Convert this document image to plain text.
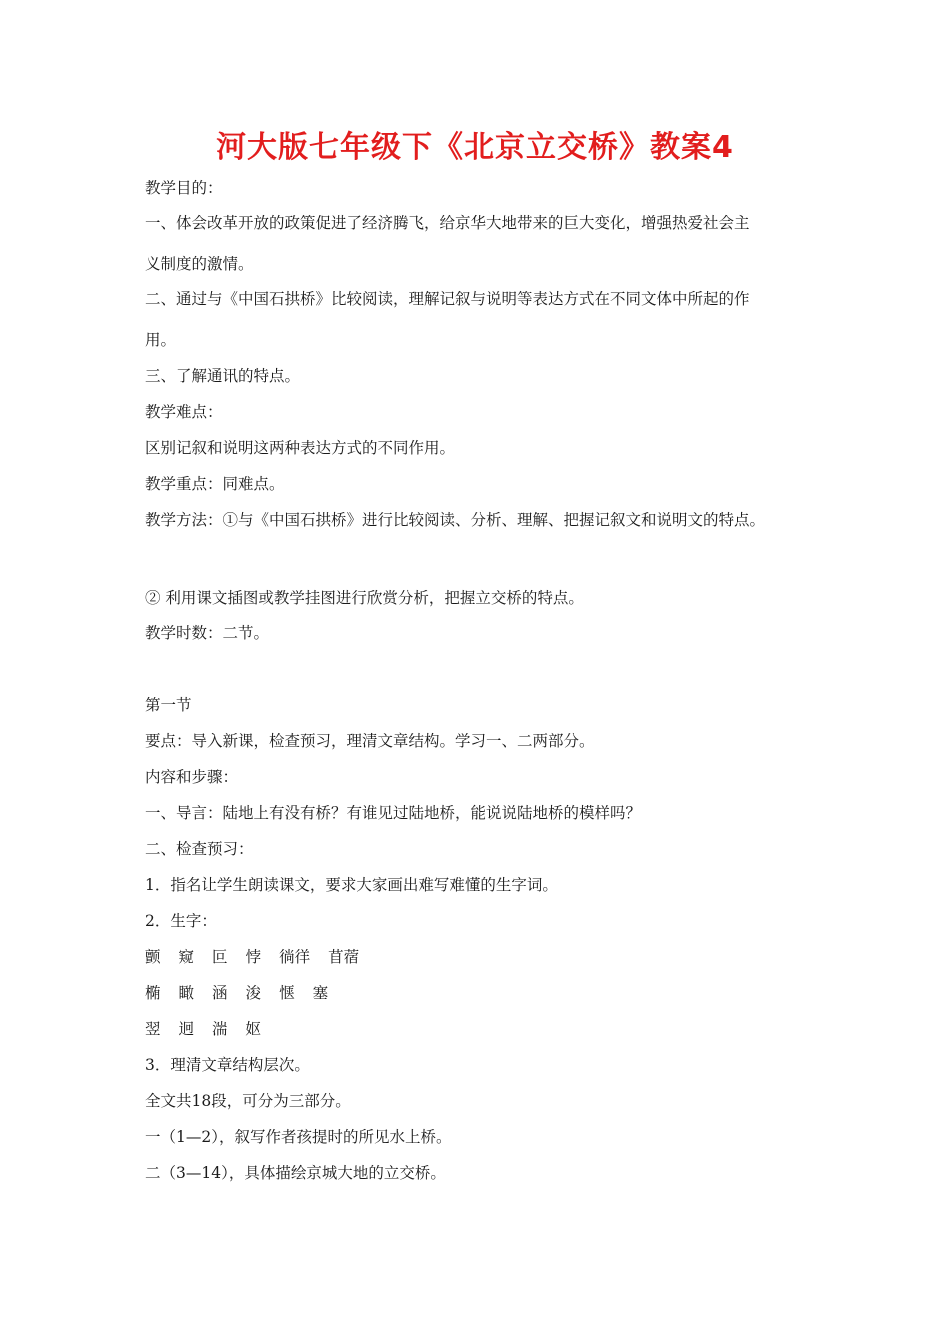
河大版七年级下《北京立交桥》教案4
教学目的：
一、体会改革开放的政策促进了经济腾飞，给京华大地带来的巨大变化，增强热爱社会主
义制度的激情。
二、通过与《中国石拱桥》比较阅读，理解记叙与说明等表达方式在不同文体中所起的作
用。
三、了解通讯的特点。
教学难点：
区别记叙和说明这两种表达方式的不同作用。
教学重点：同难点。
教学方法：①与《中国石拱桥》进行比较阅读、分析、理解、把握记叙文和说明文的特点。
② 利用课文插图或教学挂图进行欣赏分析，把握立交桥的特点。
教学时数：二节。
第一节
要点：导入新课，检查预习，理清文章结构。学习一、二两部分。
内容和步骤：
一、导言：陆地上有没有桥？有谁见过陆地桥，能说说陆地桥的模样吗？
二、检查预习：
1．指名让学生朗读课文，要求大家画出难写难懂的生字词。
2．生字：
颤 窥 叵 悖 徜徉 苜蓿
椭 瞰 涵 浚 惬 塞
翌 迥 湍 妪
3．理清文章结构层次。
全文共18段，可分为三部分。
一（1—2），叙写作者孩提时的所见水上桥。
二（3—14），具体描绘京城大地的立交桥。
